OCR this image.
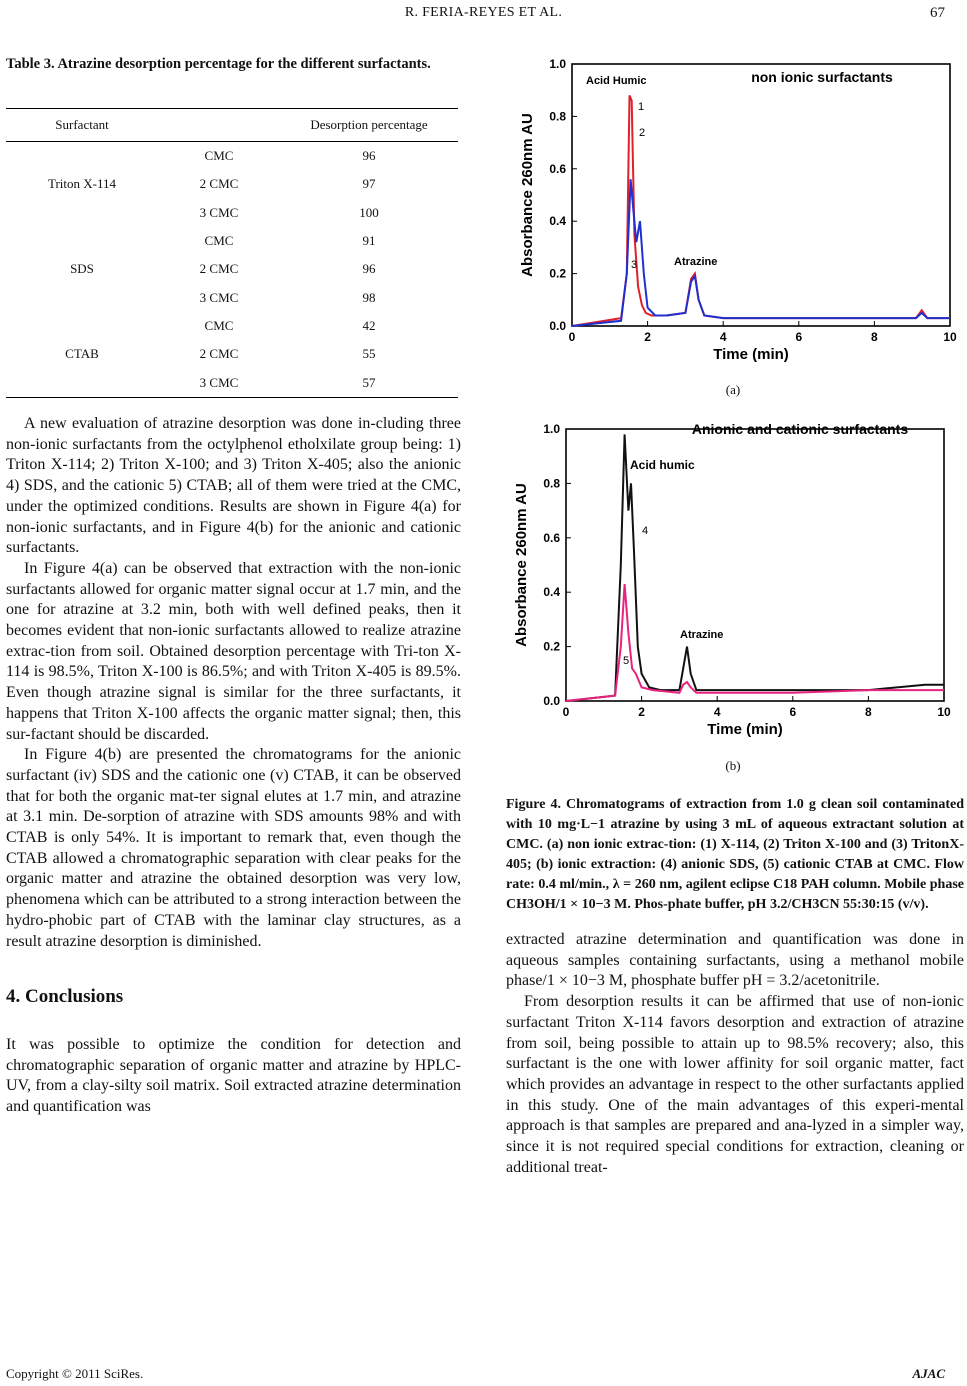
R. FERIA-REYES ET AL.	67
Table 3. Atrazine desorption percentage for the different surfactants.
Surfactant		Desorption percentage
Triton X-114	CMC	96
	2 CMC	97
	3 CMC	100
SDS	CMC	91
	2 CMC	96
	3 CMC	98
CTAB	CMC	42
	2 CMC	55
	3 CMC	57

A new evaluation of atrazine desorption was done in-cluding three non-ionic surfactants from the octylphenol etholxilate group being: 1) Triton X-114; 2) Triton X-100; and 3) Triton X-405; also the anionic 4) SDS, and the cationic 5) CTAB; all of them were tried at the CMC, under the optimized conditions. Results are shown in Figure 4(a) for non-ionic surfactants, and in Figure 4(b) for the anionic and cationic surfactants.

In Figure 4(a) can be observed that extraction with the non-ionic surfactants allowed for organic matter signal occur at 1.7 min, and the one for atrazine at 3.2 min, both with well defined peaks, then it becomes evident that non-ionic surfactants allowed to realize atrazine extrac-tion from soil. Obtained desorption percentage with Tri-ton X-114 is 98.5%, Triton X-100 is 86.5%; and with Triton X-405 is 89.5%. Even though atrazine signal is similar for the three surfactants, it happens that Triton X-100 affects the organic matter signal; then, this sur-factant should be discarded.

In Figure 4(b) are presented the chromatograms for the anionic surfactant (iv) SDS and the cationic one (v) CTAB, it can be observed that for both the organic mat-ter signal elutes at 1.7 min, and atrazine at 3.1 min. De-sorption of atrazine with SDS amounts 98% and with CTAB is only 54%. It is important to remark that, even though the CTAB allowed a chromatographic separation with clear peaks for the organic matter and atrazine the obtained desorption was very low, phenomena which can be attributed to a strong interaction between the hydro-phobic part of CTAB with the laminar clay structures, as a result atrazine desorption is diminished.

4. Conclusions

It was possible to optimize the condition for detection and chromatographic separation of organic matter and atrazine by HPLC-UV, from a clay-silty soil matrix. Soil extracted atrazine determination and quantification was

0	2	4	6	8	10
0.0
0.2
0.4
0.6
0.8
1.0
Time (min)
Absorbance 260nm AU
non ionic surfactants
Acid Humic
Atrazine
1
2
3
(a)
0	2	4	6	8	10
0.0
0.2
0.4
0.6
0.8
1.0
Time (min)
Absorbance 260nm AU
Anionic and cationic surfactants
Acid humic
Atrazine
4
5
(b)
Figure 4. Chromatograms of extraction from 1.0 g clean soil contaminated with 10 mg·L−1 atrazine by using 3 mL of aqueous extractant solution at CMC. (a) non ionic extrac-tion: (1) X-114, (2) Triton X-100 and (3) TritonX-405; (b) ionic extraction: (4) anionic SDS, (5) cationic CTAB at CMC. Flow rate: 0.4 ml/min., λ = 260 nm, agilent eclipse C18 PAH column. Mobile phase CH3OH/1 × 10−3 M. Phos-phate buffer, pH 3.2/CH3CN 55:30:15 (v/v).

extracted atrazine determination and quantification was done in aqueous samples containing surfactants, using a methanol mobile phase/1 × 10−3 M, phosphate buffer pH = 3.2/acetonitrile.

From desorption results it can be affirmed that use of non-ionic surfactant Triton X-114 favors desorption and extraction of atrazine from soil, being possible to attain up to 98.5% recovery; also, this surfactant is the one with lower affinity for soil organic matter, fact which provides an advantage in respect to the other surfactants applied in this study. One of the main advantages of this experi-mental approach is that samples are prepared and ana-lyzed in a simpler way, since it is not required special conditions for extraction, cleaning or additional treat-

Copyright © 2011 SciRes.	AJAC
